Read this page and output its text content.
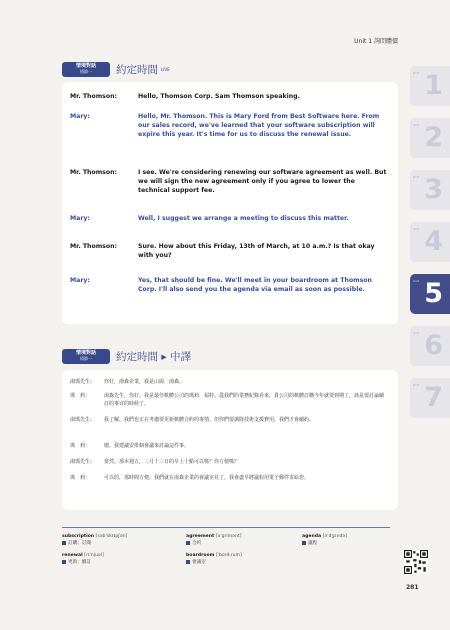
Unit 1 詢問體價
Unit 1
Unit 2
Unit 3
Unit 4
Unit 5
Unit 6
Unit 7
情境對話
情節一	約定時間 LIVE
Mr. Thomson:	Hello, Thomson Corp. Sam Thomson speaking.
Mary:	Hello, Mr. Thomson. This is Mary Ford from Best Software here. From our sales record, we've learned that your software subscription will expire this year. It's time for us to discuss the renewal issue.
Mr. Thomson:	I see. We're considering renewing our software agreement as well. But we will sign the new agreement only if you agree to lower the technical support fee.
Mary:	Well, I suggest we arrange a meeting to discuss this matter.
Mr. Thomson:	Sure. How about this Friday, 13th of March, at 10 a.m.? Is that okay with you?
Mary:	Yes, that should be fine. We'll meet in your boardroom at Thomson Corp. I'll also send you the agenda via email as soon as possible.
情境對話
情節一	約定時間 ▸ 中譯
湯瑪先生：	你好，湯森企業，我是山姆．湯森。
瑪　莉：	湯森先生，你好。我是最佳軟體公司的瑪莉．福特。從我們的業務紀錄看來，貴公司的軟體訂購今年就要到期了，該是要討論續訂的事宜的時候了。
湯瑪先生：	我了解，我們也正在考慮要更新軟體合約的事情。但你們要調降技術支援費用，我們才會續約。
瑪　莉：	嗯，我建議安排個會議來討論這件事。
湯瑪先生：	當然。那本週五，三月十三日的早上十點可以嗎？你方便嗎？
瑪　莉：	可以的，那時間方便。我們就在湯森企業的會議室見了。我會盡早將議程用電子郵件寄給您。
subscription [səbˈskrɪpʃən]
訂購；訂閱
agreement [əˈɡrimənt]
合約
agenda [əˈdʒɛndə]
議程
renewal [rɪˈnjuəl]
更新；續訂
boardroom [ˈbordˌrum]
會議室
281
